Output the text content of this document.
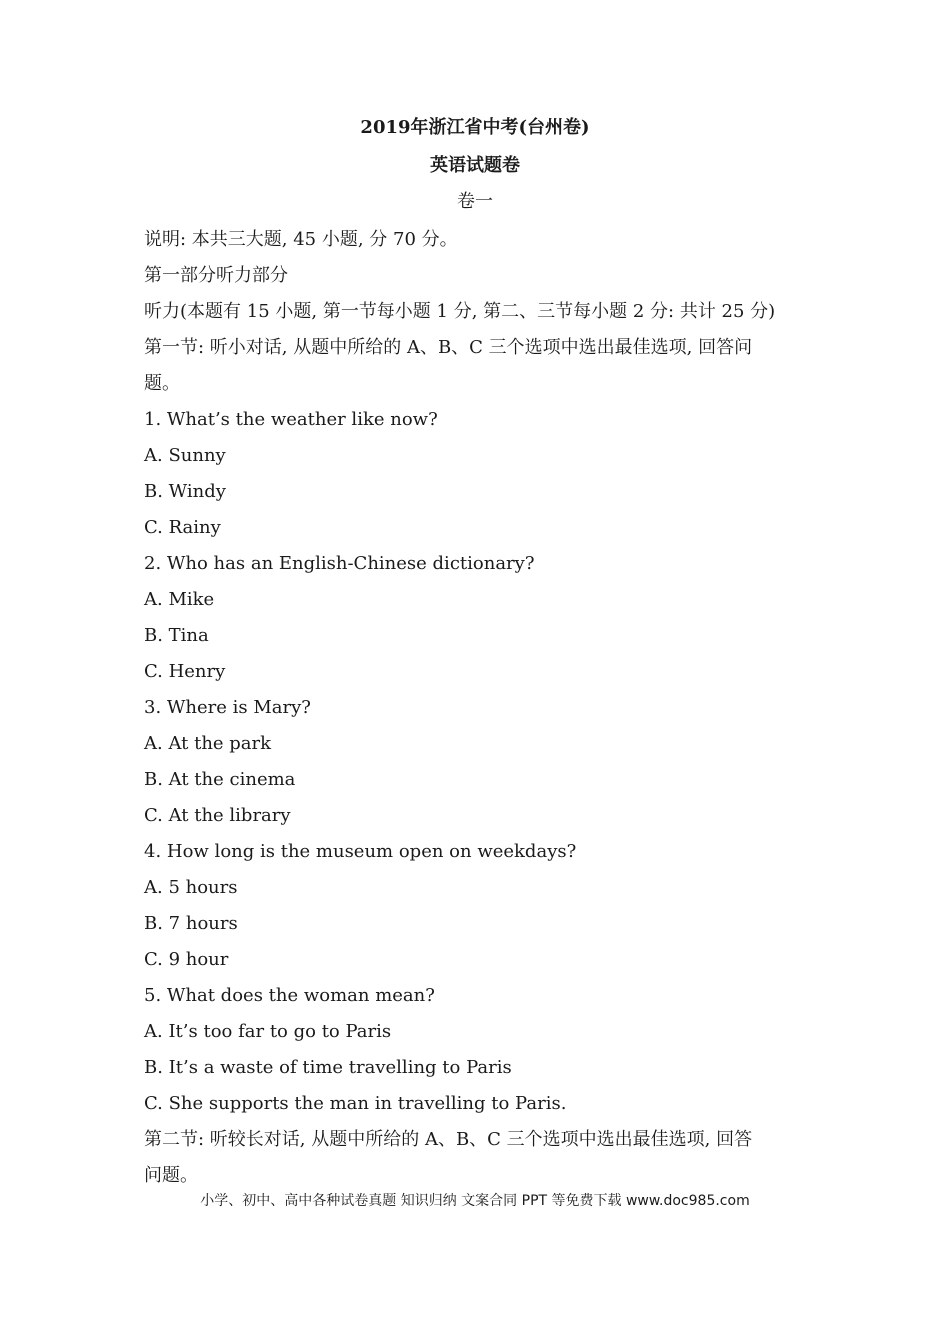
2019年浙江省中考(台州卷)
英语试题卷
卷一
说明: 本共三大题, 45 小题, 分 70 分。
第一部分听力部分
听力(本题有 15 小题, 第一节每小题 1 分, 第二、三节每小题 2 分: 共计 25 分)
第一节: 听小对话, 从题中所给的 A、B、C 三个选项中选出最佳选项, 回答问
题。
1. What’s the weather like now?
A. Sunny
B. Windy
C. Rainy
2. Who has an English-Chinese dictionary?
A. Mike
B. Tina
C. Henry
3. Where is Mary?
A. At the park
B. At the cinema
C. At the library
4. How long is the museum open on weekdays?
A. 5 hours
B. 7 hours
C. 9 hour
5. What does the woman mean?
A. It’s too far to go to Paris
B. It’s a waste of time travelling to Paris
C. She supports the man in travelling to Paris.
第二节: 听较长对话, 从题中所给的 A、B、C 三个选项中选出最佳选项, 回答
问题。
小学、初中、高中各种试卷真题 知识归纳 文案合同 PPT 等免费下载 www.doc985.com
